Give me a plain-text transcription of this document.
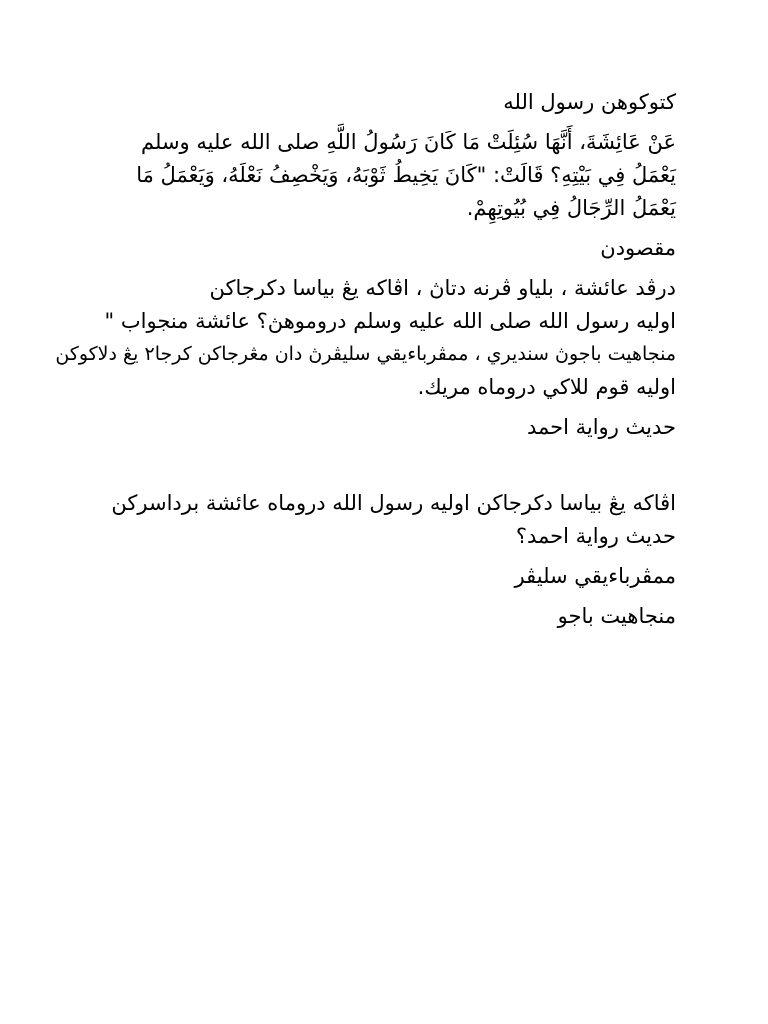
كتوكوهن رسول الله

عَنْ عَائِشَةَ، أَنَّهَا سُئِلَتْ مَا كَانَ رَسُولُ اللَّهِ صلى الله عليه وسلم يَعْمَلُ فِي بَيْتِهِ؟ قَالَتْ: "كَانَ يَخِيطُ ثَوْبَهُ، وَيَخْصِفُ نَعْلَهُ، وَيَعْمَلُ مَا يَعْمَلُ الرِّجَالُ فِي بُيُوتِهِمْ.

مقصودن

درڤد عائشة ، بلياو ڤرنه دتاڽ ، اڤاكه يڠ بياسا دكرجاكن
اوليه رسول الله صلى الله عليه وسلم دروموهڽ؟ عائشة منجواب "
منجاهيت باجوڽ سنديري ، ممڤرباءيقي سليڤرڽ دان مڠرجاكن كرجا٢ يڠ دلاكوكن
اوليه قوم للاكي دروماه مريك.

حديث رواية احمد

اڤاكه يڠ بياسا دكرجاكن اوليه رسول الله دروماه عائشة برداسركن حديث رواية احمد؟

ممڤرباءيقي سليڤر

منجاهيت باجو
